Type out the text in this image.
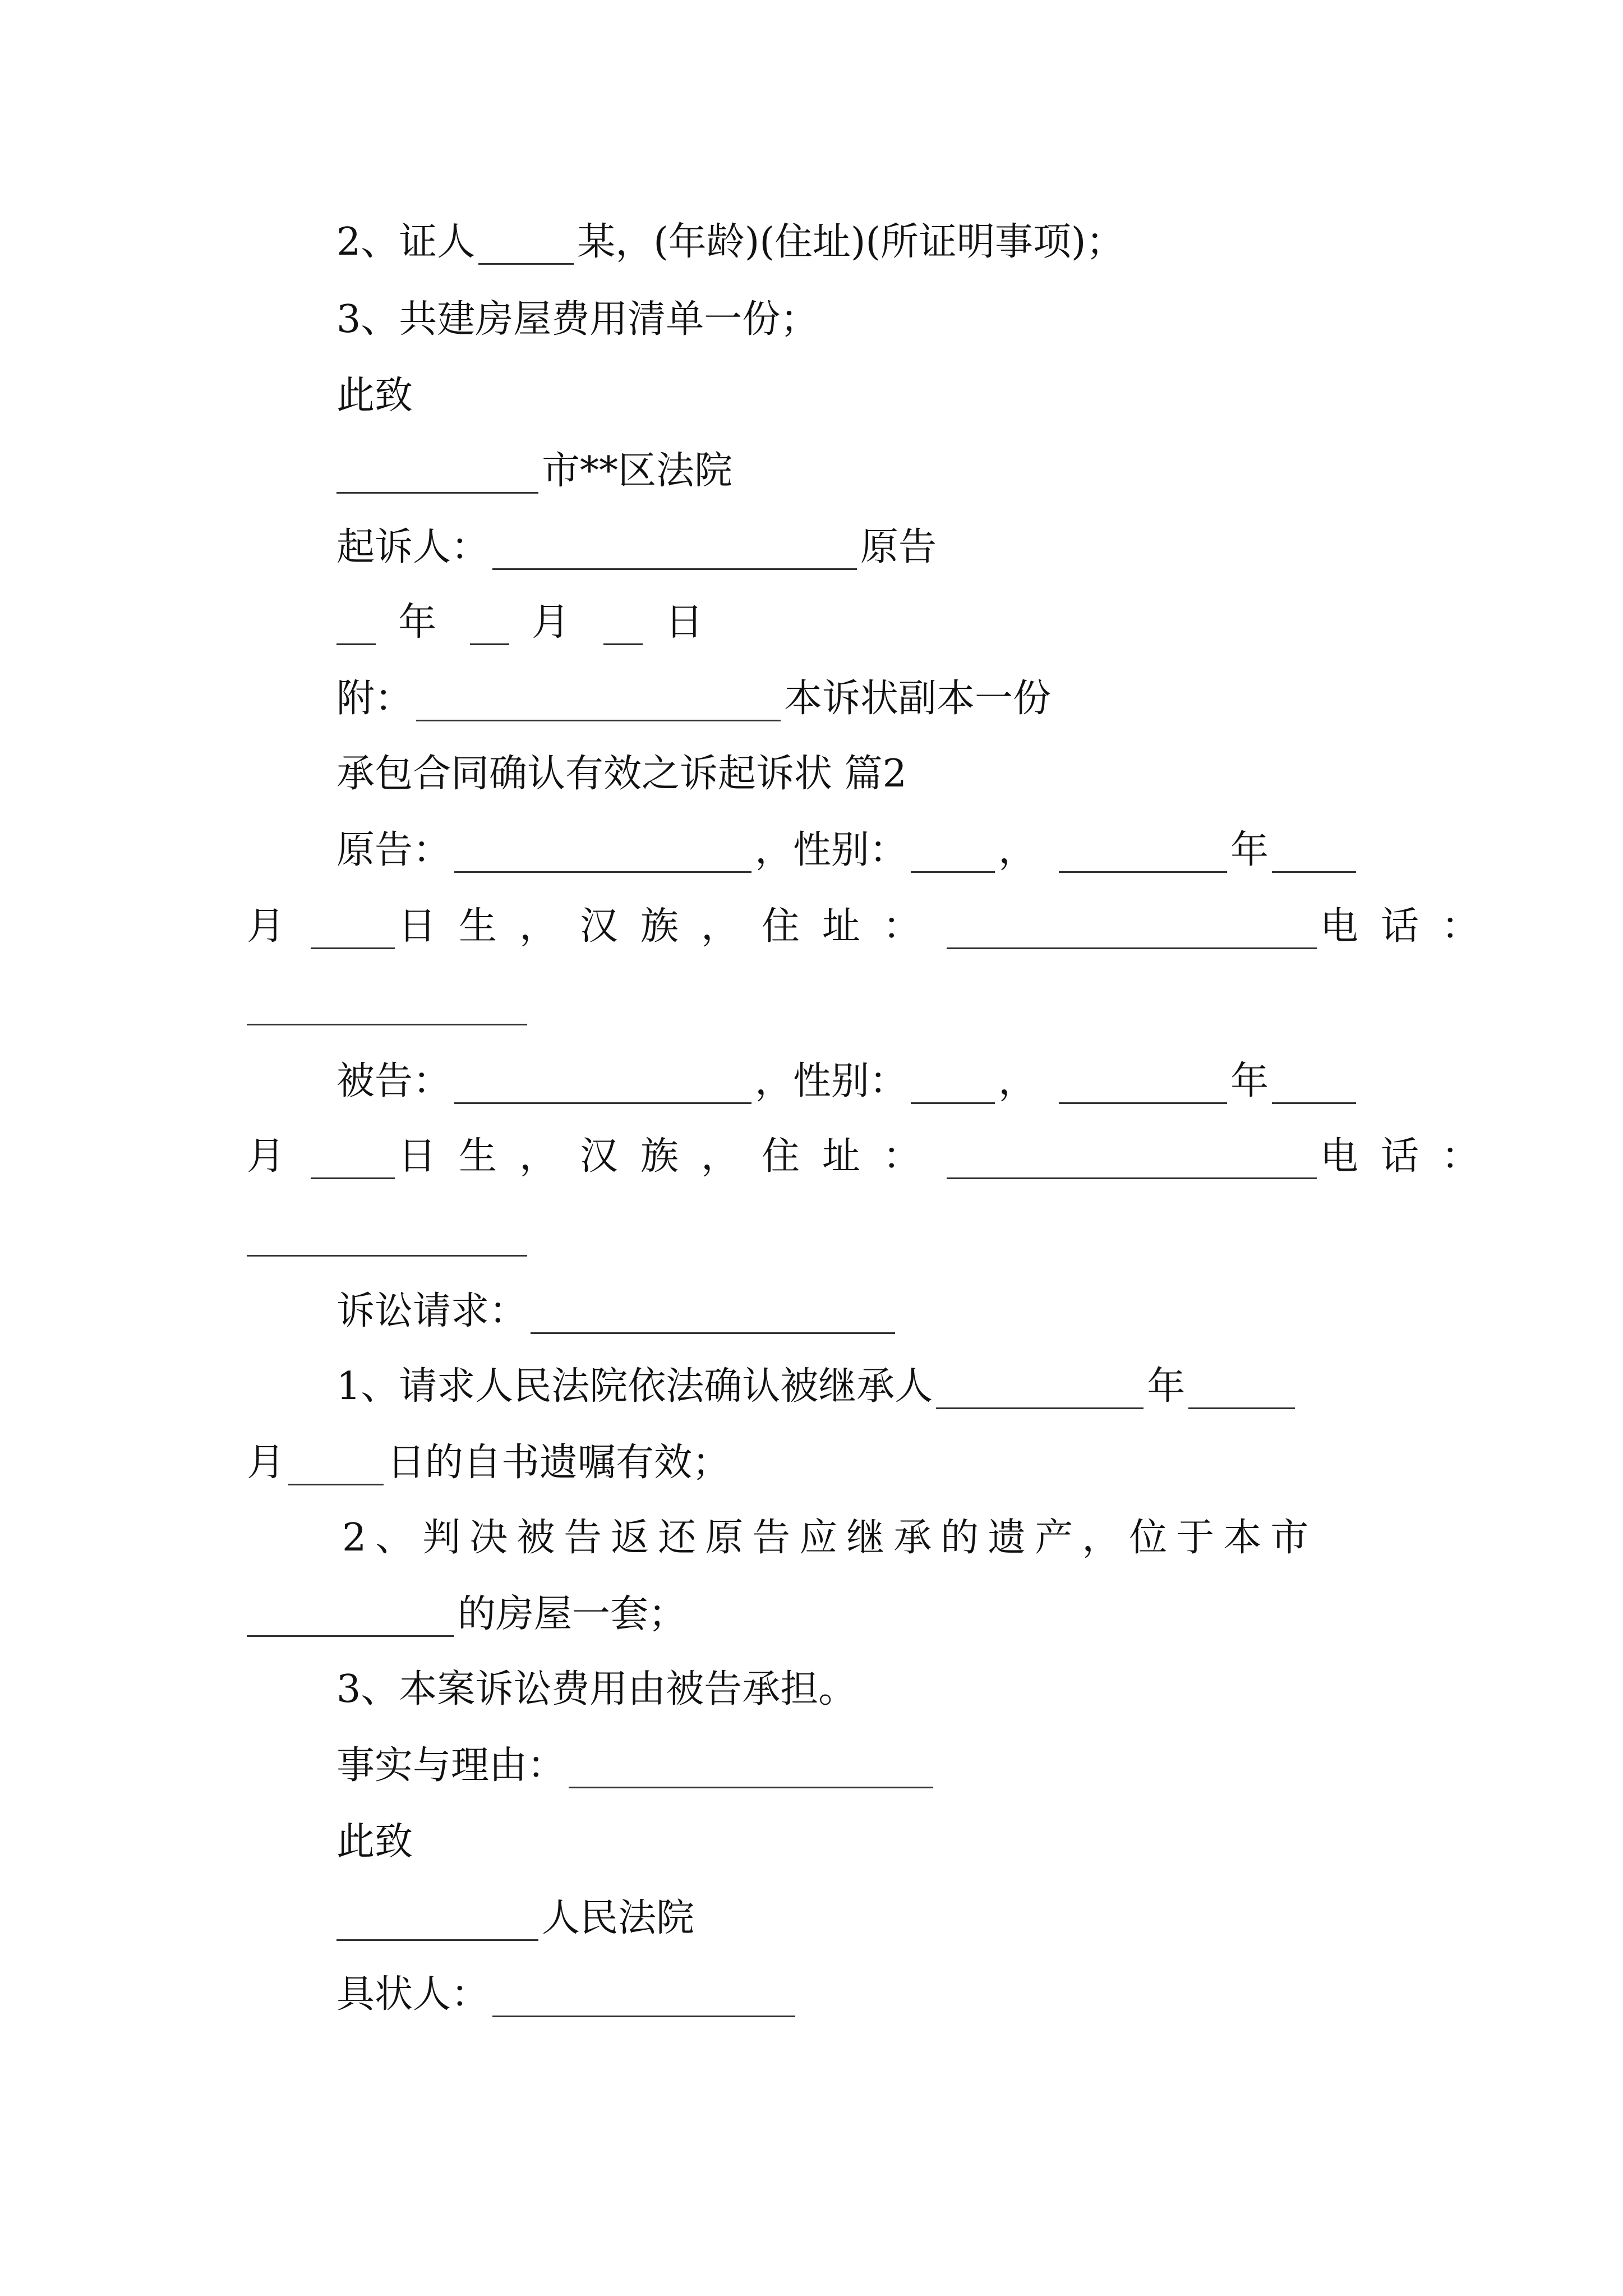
2、证人	某，(年龄)(住址)(所证明事项)；
3、共建房屋费用清单一份；
此致
市**区法院
起诉人：	原告
年	月	日
附：	本诉状副本一份
承包合同确认有效之诉起诉状 篇2
原告：	，性别： ，	年
月 日生，汉族，住址：	电话：
被告：	，性别： ，	年
月 日生，汉族，住址：	电话：
诉讼请求：
1、请求人民法院依法确认被继承人	年
月	日的自书遗嘱有效；
2、判决被告返还原告应继承的遗产，位于本市
的房屋一套；
3、本案诉讼费用由被告承担。
事实与理由：
此致
人民法院
具状人：
